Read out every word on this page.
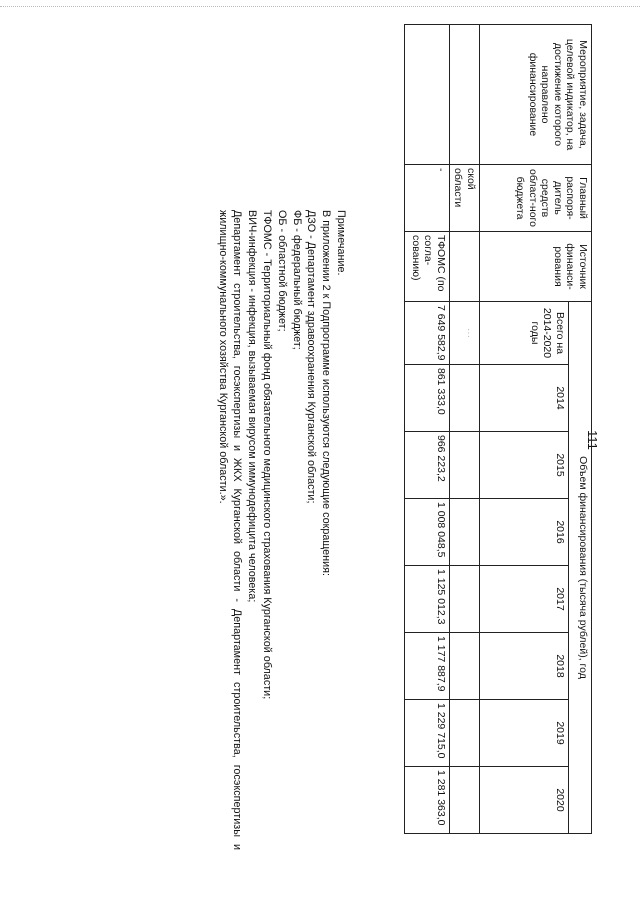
111
Мероприятие, задача, целевой индикатор, на достижение которого направлено финансирование	Главный распоря-дитель средств област-ного бюджета	Источник финанси-рования	Объем финансирования (тысяча рублей), год							
			Всего на 2014-2020 годы	2014	2015	2016	2017	2018	2019	2020
	ской области		…							
	-	ТФОМС (по согла-сованию)	7 649 582,9	861 333,0	966 223,2	1 008 048,5	1 125 012,3	1 177 887,9	1 229 715,0	1 281 363,0
Примечание.
В приложении 2 к Подпрограмме используются следующие сокращения:
ДЗО - Департамент здравоохранения Курганской области;
ФБ - федеральный бюджет;
ОБ - областной бюджет;
ТФОМС - Территориальный фонд обязательного медицинского страхования Курганской области;
ВИЧ-инфекция - инфекция, вызываемая вирусом иммунодефицита человека;
Департамент строительства, госэкспертизы и ЖКХ Курганской области - Департамент строительства, госэкспертизы и жилищно-коммунального хозяйства Курганской области.».
